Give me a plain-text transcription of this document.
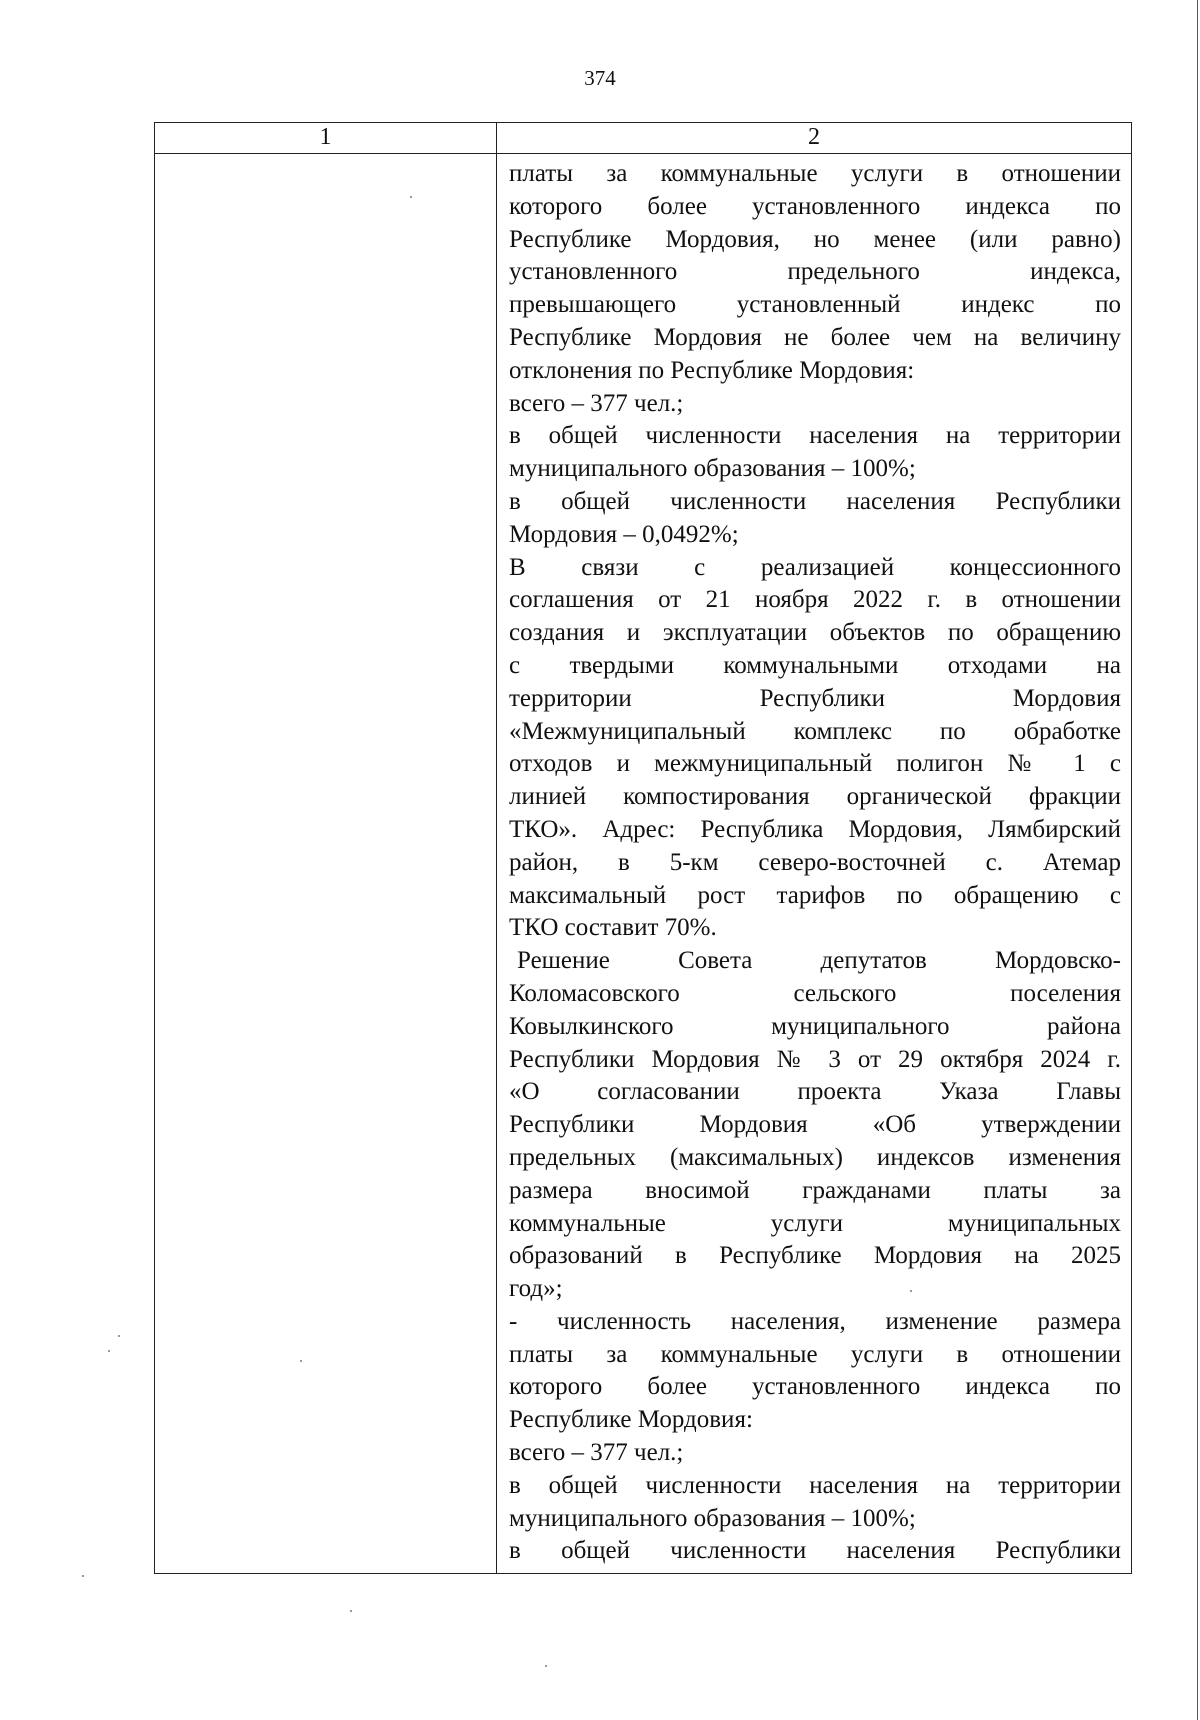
374
1	2
платы за коммунальные услуги в отношении
которого более установленного индекса по
Республике Мордовия, но менее (или равно)
установленного предельного индекса,
превышающего установленный индекс по
Республике Мордовия не более чем на величину
отклонения по Республике Мордовия:
всего – 377 чел.;
в общей численности населения на территории
муниципального образования – 100%;
в общей численности населения Республики
Мордовия – 0,0492%;
В связи с реализацией концессионного
соглашения от 21 ноября 2022 г. в отношении
создания и эксплуатации объектов по обращению
с твердыми коммунальными отходами на
территории Республики Мордовия
«Межмуниципальный комплекс по обработке
отходов и межмуниципальный полигон № 1 с
линией компостирования органической фракции
ТКО». Адрес: Республика Мордовия, Лямбирский
район, в 5-км северо-восточней с. Атемар
максимальный рост тарифов по обращению с
ТКО составит 70%.
Решение Совета депутатов Мордовско-
Коломасовского сельского поселения
Ковылкинского муниципального района
Республики Мордовия № 3 от 29 октября 2024 г.
«О согласовании проекта Указа Главы
Республики Мордовия «Об утверждении
предельных (максимальных) индексов изменения
размера вносимой гражданами платы за
коммунальные услуги муниципальных
образований в Республике Мордовия на 2025
год»;
- численность населения, изменение размера
платы за коммунальные услуги в отношении
которого более установленного индекса по
Республике Мордовия:
всего – 377 чел.;
в общей численности населения на территории
муниципального образования – 100%;
в общей численности населения Республики
